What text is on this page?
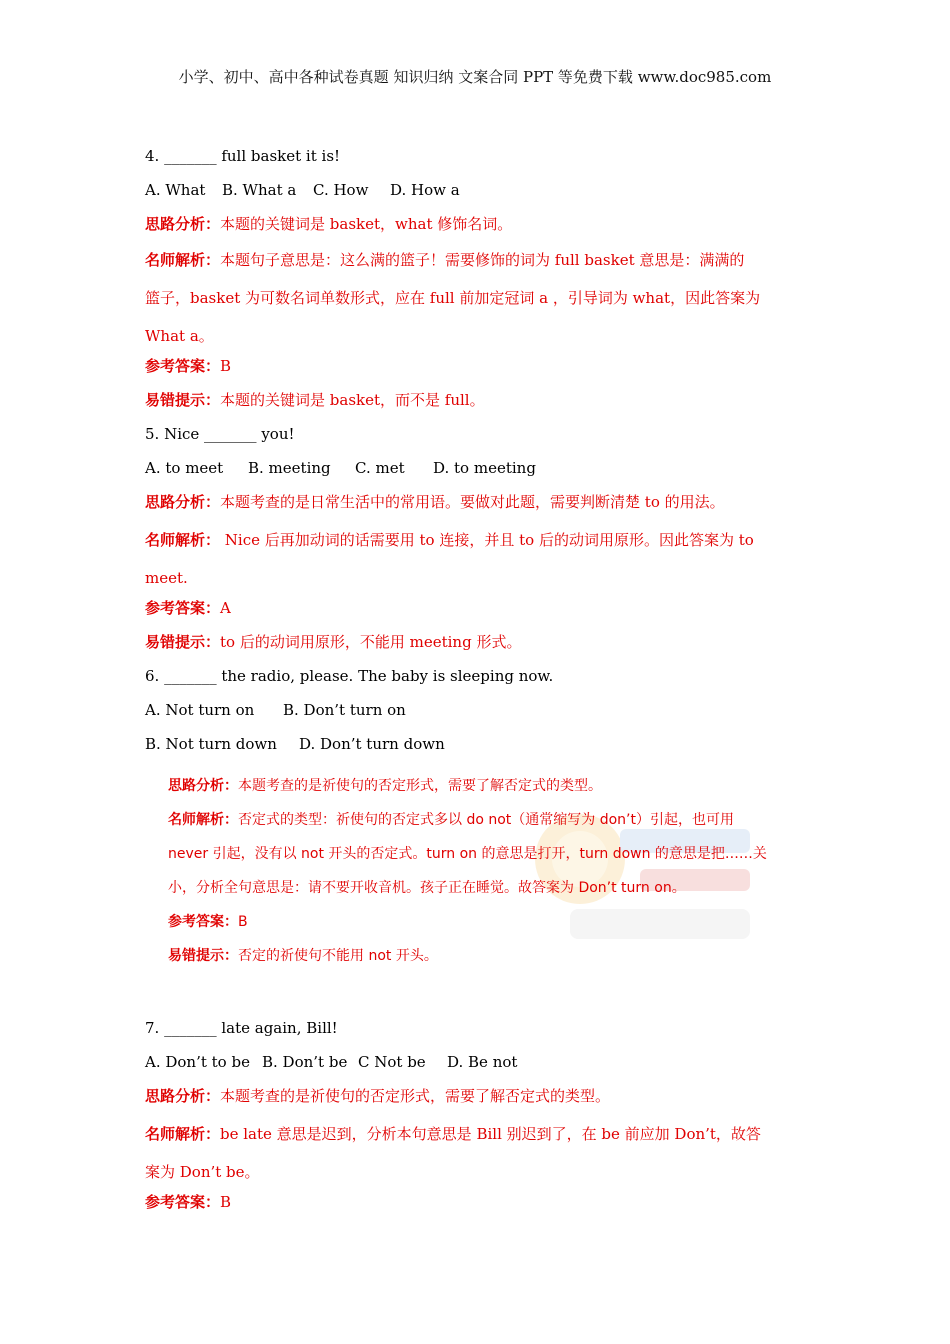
小学、初中、高中各种试卷真题 知识归纳 文案合同 PPT 等免费下载 www.doc985.com

4. _______ full basket it is!

A. What B. What a C. How D. How a

思路分析：本题的关键词是 basket，what 修饰名词。

名师解析：本题句子意思是：这么满的篮子！需要修饰的词为 full basket 意思是：满满的

篮子，basket 为可数名词单数形式，应在 full 前加定冠词 a ，引导词为 what，因此答案为

What a。

参考答案：B

易错提示：本题的关键词是 basket，而不是 full。

5. Nice _______ you!

A. to meet B. meeting C. met D. to meeting

思路分析：本题考查的是日常生活中的常用语。要做对此题，需要判断清楚 to 的用法。

名师解析： Nice 后再加动词的话需要用 to 连接，并且 to 后的动词用原形。因此答案为 to

meet.

参考答案：A

易错提示：to 后的动词用原形，不能用 meeting 形式。

6. _______ the radio, please. The baby is sleeping now.

A. Not turn on B. Don’t turn on

B. Not turn down D. Don’t turn down

思路分析：本题考查的是祈使句的否定形式，需要了解否定式的类型。

名师解析：否定式的类型：祈使句的否定式多以 do not（通常缩写为 don’t）引起，也可用

never 引起，没有以 not 开头的否定式。turn on 的意思是打开，turn down 的意思是把……关

小，分析全句意思是：请不要开收音机。孩子正在睡觉。故答案为 Don’t turn on。

参考答案：B

易错提示：否定的祈使句不能用 not 开头。

7. _______ late again, Bill!

A. Don’t to be B. Don’t be C Not be D. Be not

思路分析：本题考查的是祈使句的否定形式，需要了解否定式的类型。

名师解析：be late 意思是迟到，分析本句意思是 Bill 别迟到了，在 be 前应加 Don’t，故答

案为 Don’t be。

参考答案：B
